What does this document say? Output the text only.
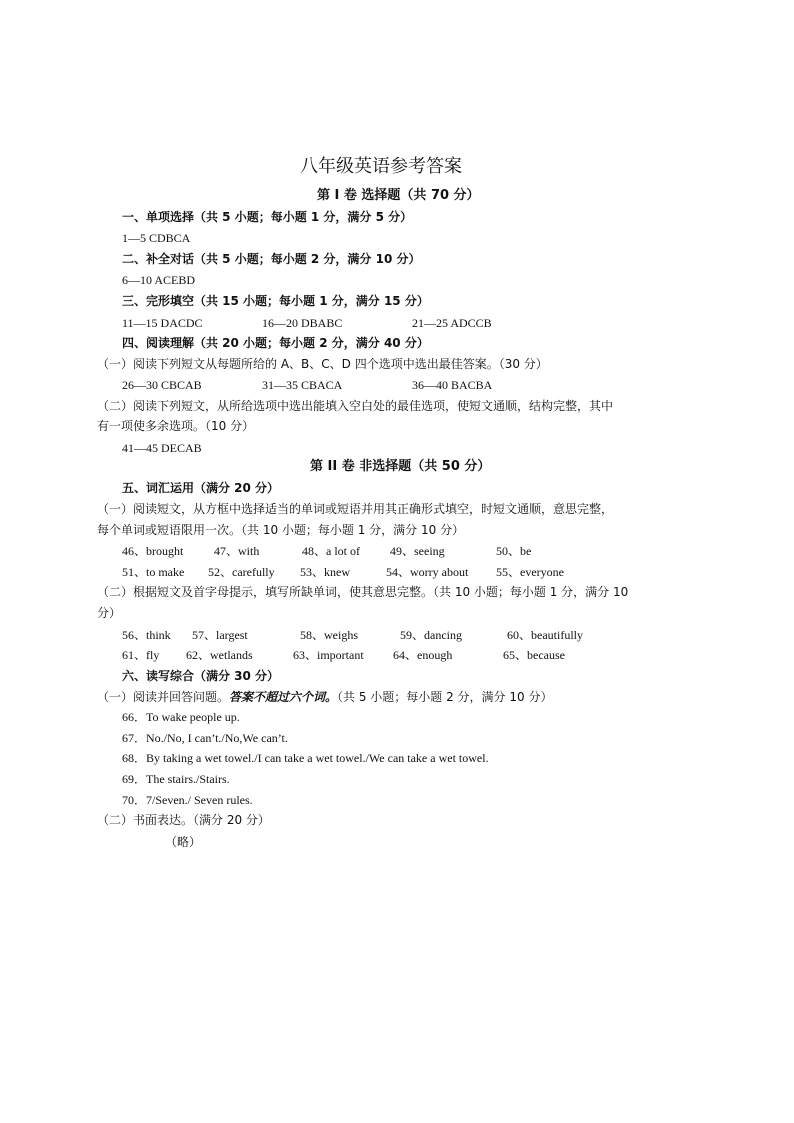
八年级英语参考答案
第 I 卷 选择题（共 70 分）
一、单项选择（共 5 小题；每小题 1 分，满分 5 分）
1—5 CDBCA
二、补全对话（共 5 小题；每小题 2 分，满分 10 分）
6—10 ACEBD
三、完形填空（共 15 小题；每小题 1 分，满分 15 分）
11—15 DACDC	16—20 DBABC	21—25 ADCCB
四、阅读理解（共 20 小题；每小题 2 分，满分 40 分）
（一）阅读下列短文从每题所给的 A、B、C、D 四个选项中选出最佳答案。（30 分）
26—30 CBCAB	31—35 CBACA	36—40 BACBA
（二）阅读下列短文，从所给选项中选出能填入空白处的最佳选项，使短文通顺，结构完整，其中
有一项使多余选项。（10 分）
41—45 DECAB
第 II 卷 非选择题（共 50 分）
五、词汇运用（满分 20 分）
（一）阅读短文，从方框中选择适当的单词或短语并用其正确形式填空，时短文通顺，意思完整，
每个单词或短语限用一次。（共 10 小题；每小题 1 分，满分 10 分）
46、brought	47、with	48、a lot of	49、seeing	50、be
51、to make 52、carefully 53、knew	54、worry about 55、everyone
（二）根据短文及首字母提示，填写所缺单词，使其意思完整。（共 10 小题；每小题 1 分，满分 10
分）
56、think 57、largest	58、weighs	59、dancing	60、beautifully
61、fly 62、wetlands	63、important 64、enough	65、because
六、读写综合（满分 30 分）
（一）阅读并回答问题。答案不超过六个词。（共 5 小题；每小题 2 分，满分 10 分）
66．To wake people up.
67．No./No, I can’t./No,We can’t.
68．By taking a wet towel./I can take a wet towel./We can take a wet towel.
69．The stairs./Stairs.
70．7/Seven./ Seven rules.
（二）书面表达。（满分 20 分）
（略）
